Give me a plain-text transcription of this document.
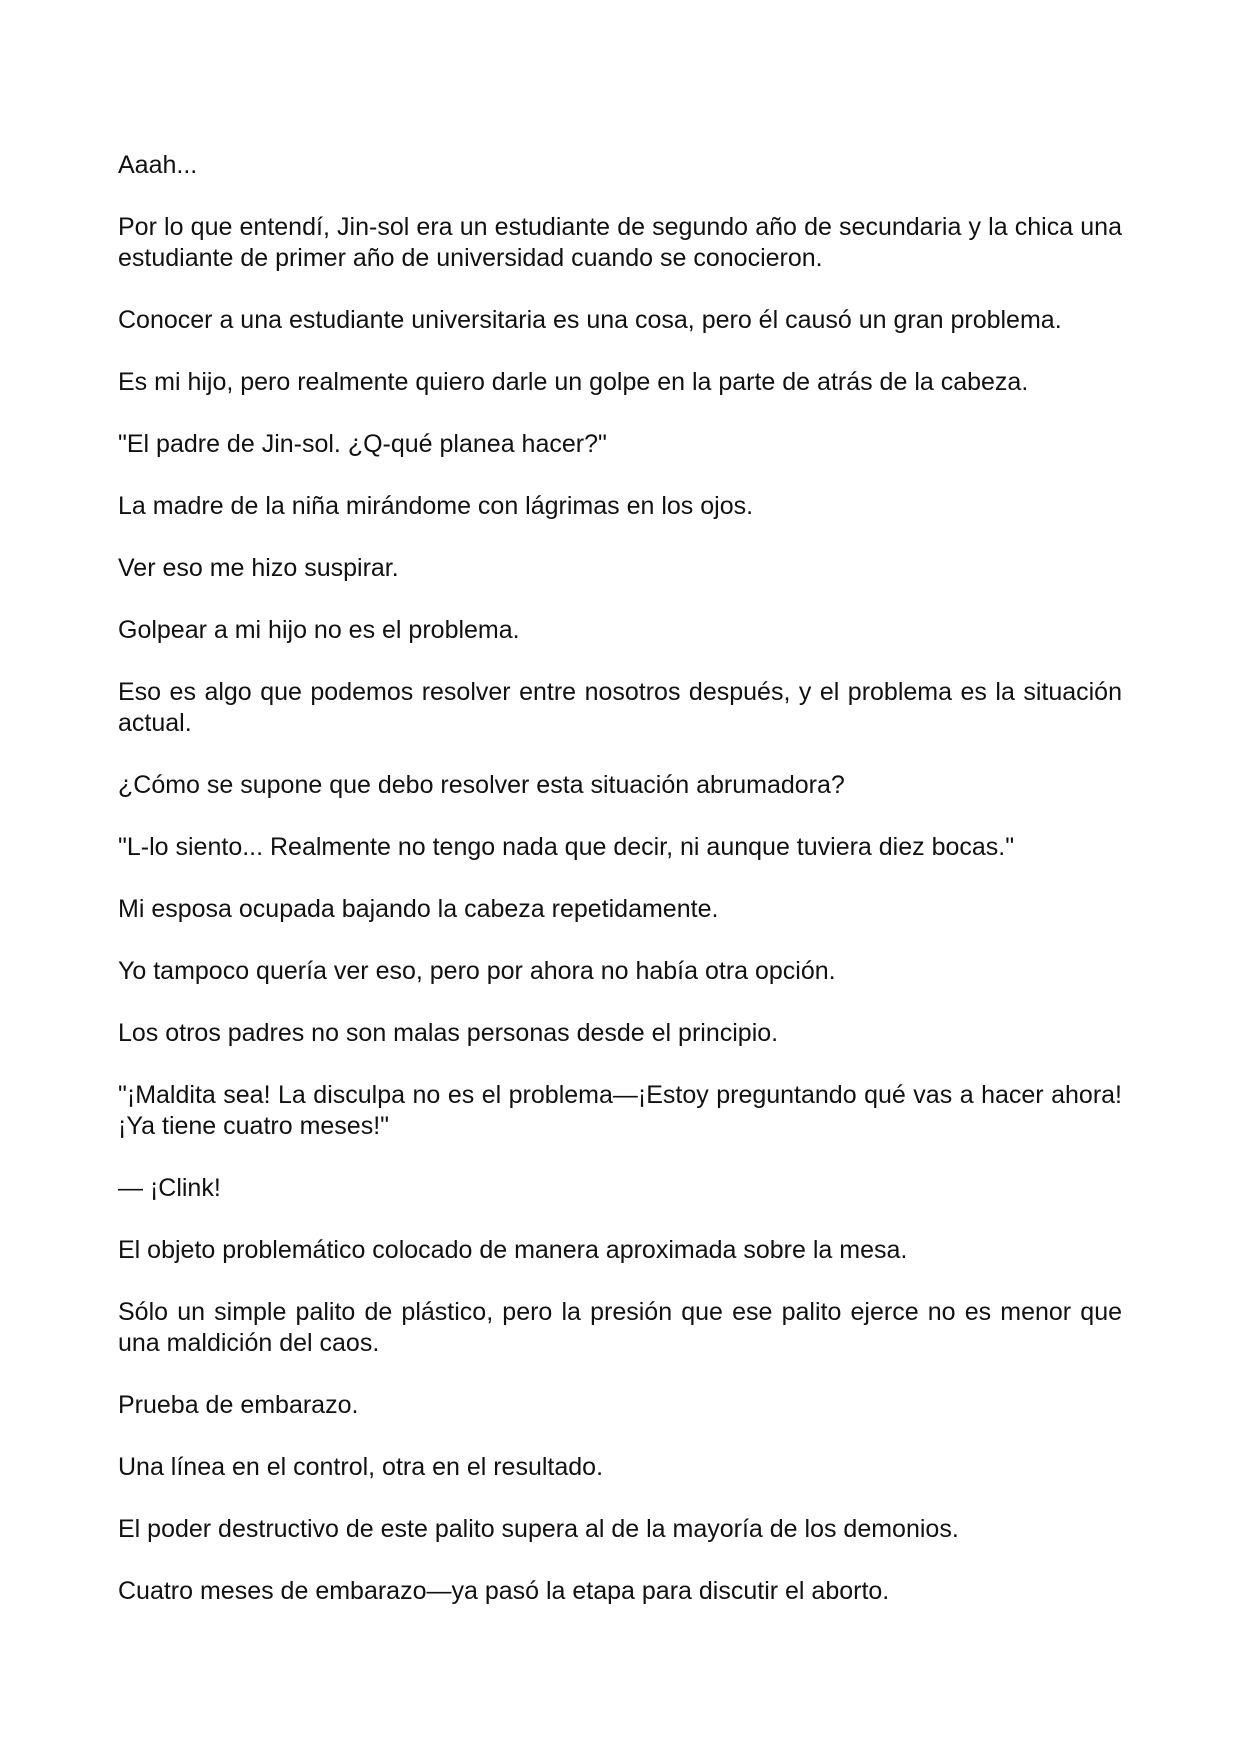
Aaah...

Por lo que entendí, Jin-sol era un estudiante de segundo año de secundaria y la chica una estudiante de primer año de universidad cuando se conocieron.

Conocer a una estudiante universitaria es una cosa, pero él causó un gran problema.

Es mi hijo, pero realmente quiero darle un golpe en la parte de atrás de la cabeza.

"El padre de Jin-sol. ¿Q-qué planea hacer?"

La madre de la niña mirándome con lágrimas en los ojos.

Ver eso me hizo suspirar.

Golpear a mi hijo no es el problema.

Eso es algo que podemos resolver entre nosotros después, y el problema es la situación actual.

¿Cómo se supone que debo resolver esta situación abrumadora?

"L-lo siento... Realmente no tengo nada que decir, ni aunque tuviera diez bocas."

Mi esposa ocupada bajando la cabeza repetidamente.

Yo tampoco quería ver eso, pero por ahora no había otra opción.

Los otros padres no son malas personas desde el principio.

"¡Maldita sea! La disculpa no es el problema—¡Estoy preguntando qué vas a hacer ahora! ¡Ya tiene cuatro meses!"

— ¡Clink!

El objeto problemático colocado de manera aproximada sobre la mesa.

Sólo un simple palito de plástico, pero la presión que ese palito ejerce no es menor que una maldición del caos.

Prueba de embarazo.

Una línea en el control, otra en el resultado.

El poder destructivo de este palito supera al de la mayoría de los demonios.

Cuatro meses de embarazo—ya pasó la etapa para discutir el aborto.
